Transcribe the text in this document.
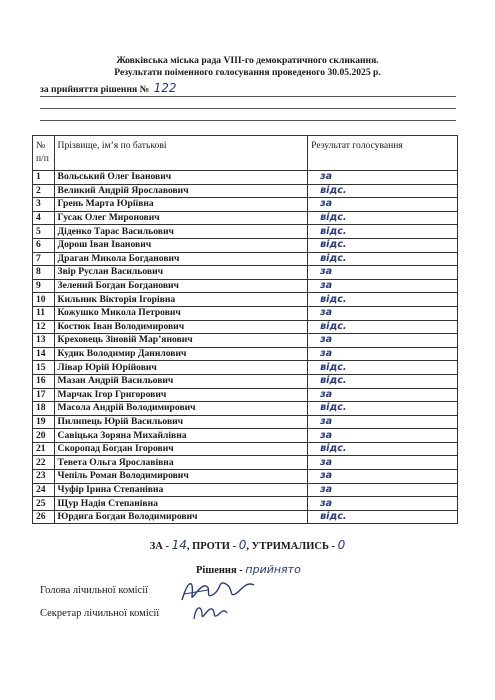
Жовківська міська рада VIII-го демократичного скликання.
Результати поіменного голосування проведеного 30.05.2025 р.
за прийняття рішення № 122
№
п/п	Прізвище, ім’я по батькові	Результат голосування
1	Вольський Олег Іванович	за
2	Великий Андрій Ярославович	відс.
3	Грень Марта Юріївна	за
4	Гусак Олег Миронович	відс.
5	Діденко Тарас Васильович	відс.
6	Дорош Іван Іванович	відс.
7	Драган Микола Богданович	відс.
8	Звір Руслан Васильович	за
9	Зелений Богдан Богданович	за
10	Кильник Вікторія Ігорівна	відс.
11	Кожушко Микола Петрович	за
12	Костюк Іван Володимирович	відс.
13	Креховець Зіновій Мар’янович	за
14	Кудик Володимир Данилович	за
15	Лівар Юрій Юрійович	відс.
16	Мазан Андрій Васильович	відс.
17	Марчак Ігор Григорович	за
18	Масола Андрій Володимирович	відс.
19	Пилипець Юрій Васильович	за
20	Савіцька Зоряна Михайлівна	за
21	Скоропад Богдан Ігорович	відс.
22	Тевета Ольга Ярославівна	за
23	Чепіль Роман Володимирович	за
24	Чуфір Ірина Степанівна	за
25	Щур Надія Степанівна	за
26	Юрдига Богдан Володимирович	відс.
ЗА - 14, ПРОТИ - 0, УТРИМАЛИСЬ - 0
Рішення - прийнято
Голова лічильної комісії
Секретар лічильної комісії
